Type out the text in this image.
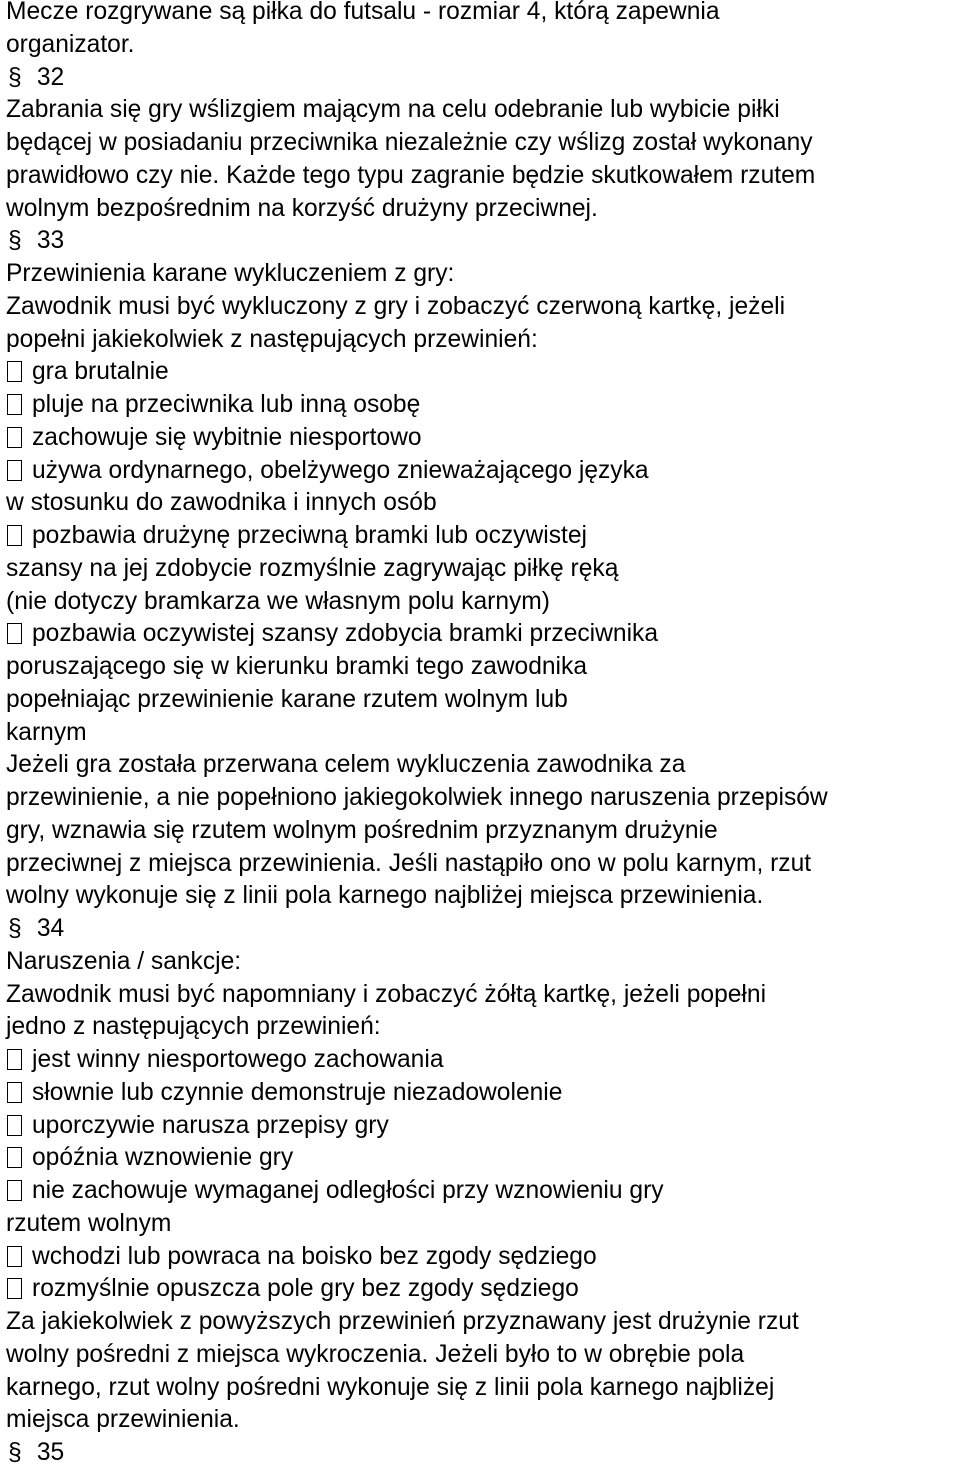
Mecze rozgrywane są piłka do futsalu - rozmiar 4, którą zapewnia
organizator.
§ 32
Zabrania się gry wślizgiem mającym na celu odebranie lub wybicie piłki
będącej w posiadaniu przeciwnika niezależnie czy wślizg został wykonany
prawidłowo czy nie. Każde tego typu zagranie będzie skutkowałem rzutem
wolnym bezpośrednim na korzyść drużyny przeciwnej.
§ 33
Przewinienia karane wykluczeniem z gry:
Zawodnik musi być wykluczony z gry i zobaczyć czerwoną kartkę, jeżeli
popełni jakiekolwiek z następujących przewinień:
gra brutalnie
pluje na przeciwnika lub inną osobę
zachowuje się wybitnie niesportowo
używa ordynarnego, obelżywego znieważającego języka
w stosunku do zawodnika i innych osób
pozbawia drużynę przeciwną bramki lub oczywistej
szansy na jej zdobycie rozmyślnie zagrywając piłkę ręką
(nie dotyczy bramkarza we własnym polu karnym)
pozbawia oczywistej szansy zdobycia bramki przeciwnika
poruszającego się w kierunku bramki tego zawodnika
popełniając przewinienie karane rzutem wolnym lub
karnym
Jeżeli gra została przerwana celem wykluczenia zawodnika za
przewinienie, a nie popełniono jakiegokolwiek innego naruszenia przepisów
gry, wznawia się rzutem wolnym pośrednim przyznanym drużynie
przeciwnej z miejsca przewinienia. Jeśli nastąpiło ono w polu karnym, rzut
wolny wykonuje się z linii pola karnego najbliżej miejsca przewinienia.
§ 34
Naruszenia / sankcje:
Zawodnik musi być napomniany i zobaczyć żółtą kartkę, jeżeli popełni
jedno z następujących przewinień:
jest winny niesportowego zachowania
słownie lub czynnie demonstruje niezadowolenie
uporczywie narusza przepisy gry
opóźnia wznowienie gry
nie zachowuje wymaganej odległości przy wznowieniu gry
rzutem wolnym
wchodzi lub powraca na boisko bez zgody sędziego
rozmyślnie opuszcza pole gry bez zgody sędziego
Za jakiekolwiek z powyższych przewinień przyznawany jest drużynie rzut
wolny pośredni z miejsca wykroczenia. Jeżeli było to w obrębie pola
karnego, rzut wolny pośredni wykonuje się z linii pola karnego najbliżej
miejsca przewinienia.
§ 35
